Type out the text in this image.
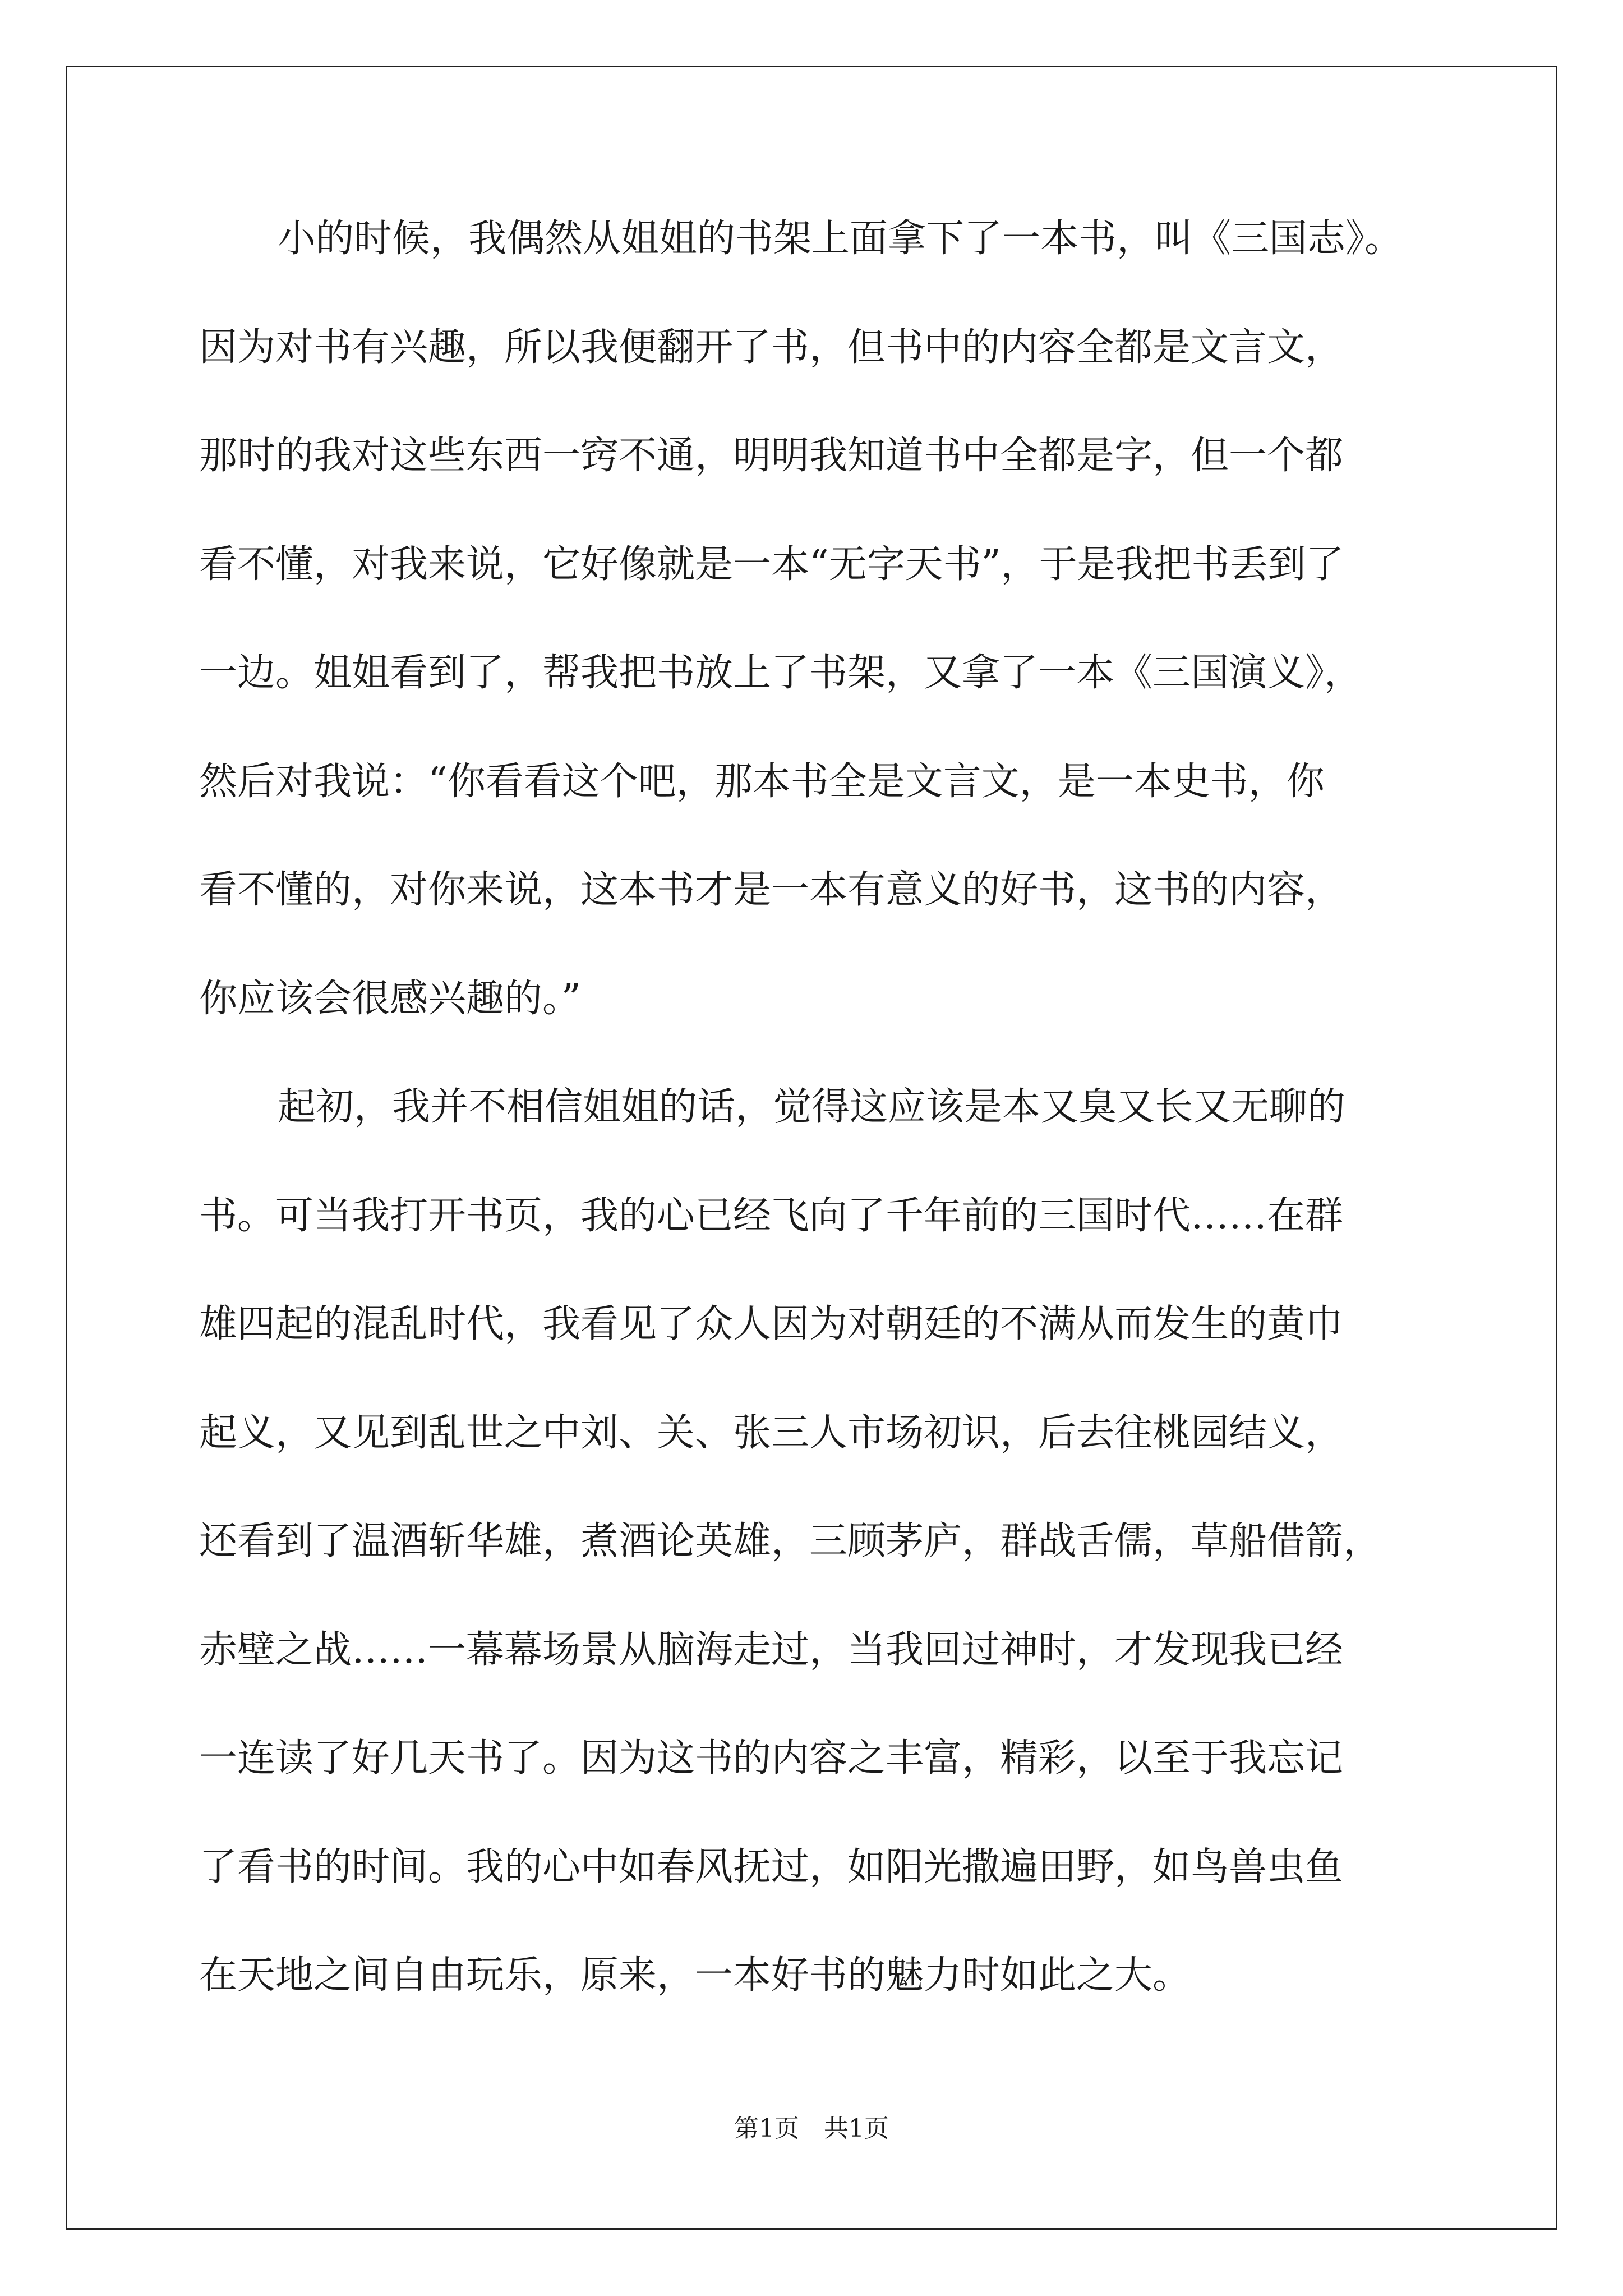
小的时候，我偶然从姐姐的书架上面拿下了一本书，叫《三国志》。
因为对书有兴趣，所以我便翻开了书，但书中的内容全都是文言文，
那时的我对这些东西一窍不通，明明我知道书中全都是字，但一个都
看不懂，对我来说，它好像就是一本“无字天书”，于是我把书丢到了
一边。姐姐看到了，帮我把书放上了书架，又拿了一本《三国演义》，
然后对我说：“你看看这个吧，那本书全是文言文，是一本史书，你
看不懂的，对你来说，这本书才是一本有意义的好书，这书的内容，
你应该会很感兴趣的。”
起初，我并不相信姐姐的话，觉得这应该是本又臭又长又无聊的
书。可当我打开书页，我的心已经飞向了千年前的三国时代……在群
雄四起的混乱时代，我看见了众人因为对朝廷的不满从而发生的黄巾
起义，又见到乱世之中刘、关、张三人市场初识，后去往桃园结义，
还看到了温酒斩华雄，煮酒论英雄，三顾茅庐，群战舌儒，草船借箭，
赤壁之战……一幕幕场景从脑海走过，当我回过神时，才发现我已经
一连读了好几天书了。因为这书的内容之丰富，精彩，以至于我忘记
了看书的时间。我的心中如春风抚过，如阳光撒遍田野，如鸟兽虫鱼
在天地之间自由玩乐，原来，一本好书的魅力时如此之大。
第1页　共1页
